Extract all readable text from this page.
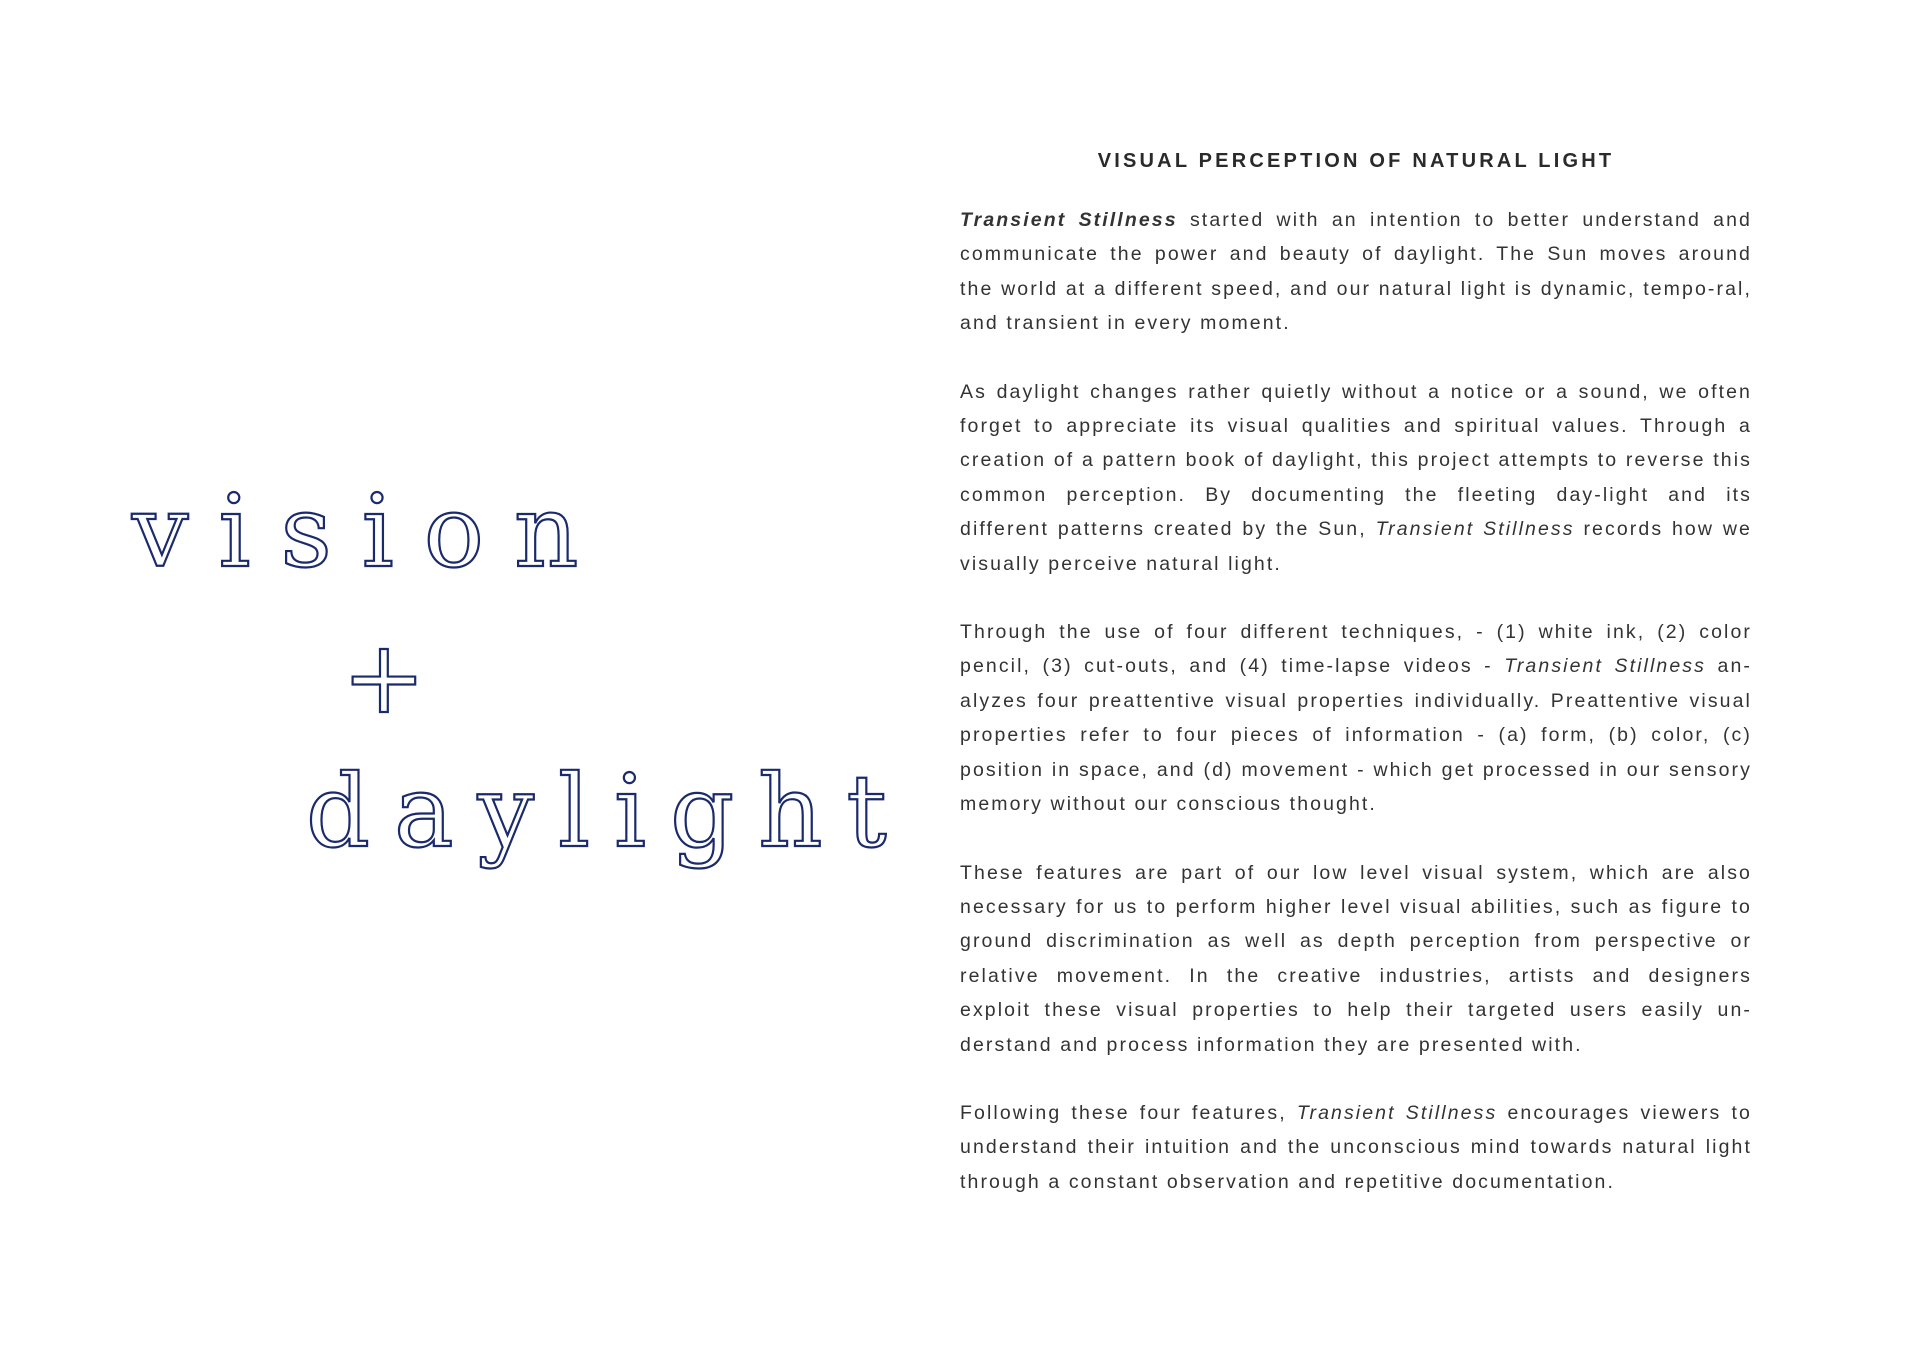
vision
+
daylight
VISUAL PERCEPTION OF NATURAL LIGHT

Transient Stillness started with an intention to better understand and communicate the power and beauty of daylight. The Sun moves around the world at a different speed, and our natural light is dynamic, tempo-ral, and transient in every moment.

As daylight changes rather quietly without a notice or a sound, we often forget to appreciate its visual qualities and spiritual values. Through a creation of a pattern book of daylight, this project attempts to reverse this common perception. By documenting the fleeting day-light and its different patterns created by the Sun, Transient Stillness records how we visually perceive natural light.

Through the use of four different techniques, - (1) white ink, (2) color pencil, (3) cut-outs, and (4) time-lapse videos - Transient Stillness an-alyzes four preattentive visual properties individually. Preattentive visual properties refer to four pieces of information - (a) form, (b) color, (c) position in space, and (d) movement - which get processed in our sensory memory without our conscious thought.

These features are part of our low level visual system, which are also necessary for us to perform higher level visual abilities, such as figure to ground discrimination as well as depth perception from perspective or relative movement. In the creative industries, artists and designers exploit these visual properties to help their targeted users easily un-derstand and process information they are presented with.

Following these four features, Transient Stillness encourages viewers to understand their intuition and the unconscious mind towards natural light through a constant observation and repetitive documentation.
